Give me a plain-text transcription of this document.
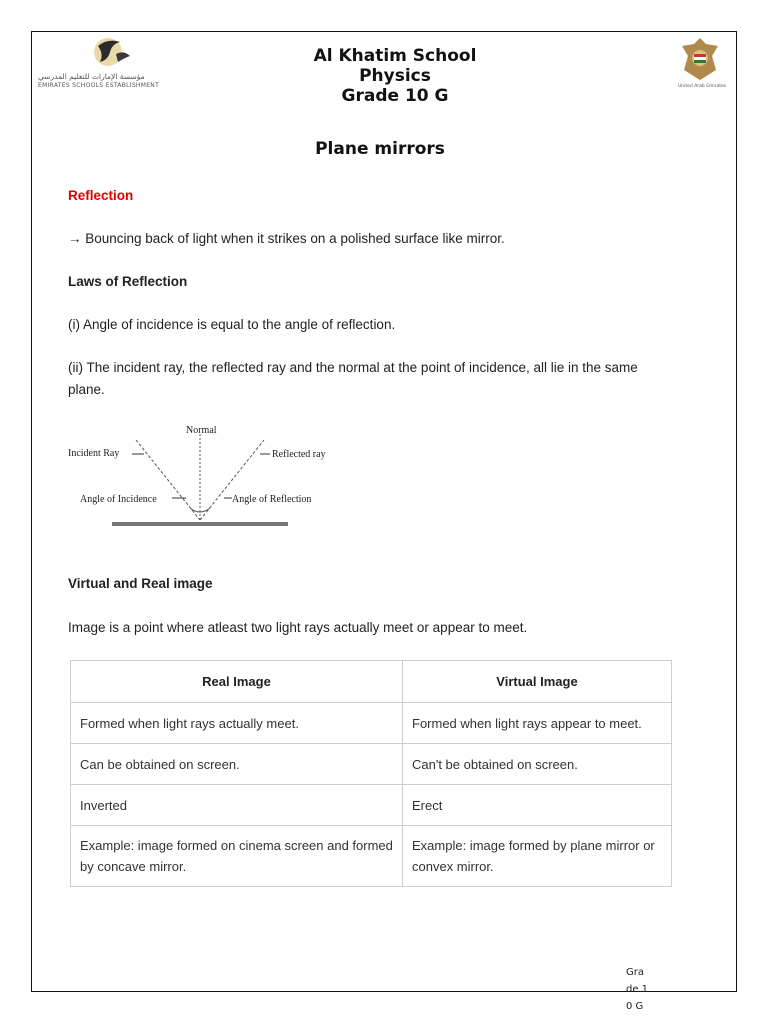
مؤسسة الإمارات للتعليم المدرسي
EMIRATES SCHOOLS ESTABLISHMENT
Al Khatim School
Physics
Grade 10 G	United Arab Emirates
Plane mirrors
Reflection
→ Bouncing back of light when it strikes on a polished surface like mirror.
Laws of Reflection
(i) Angle of incidence is equal to the angle of reflection.
(ii) The incident ray, the reflected ray and the normal at the point of incidence, all lie in the same
plane.
Normal
Incident Ray	Reflected ray
Angle of Incidence	Angle of Reflection
Virtual and Real image
Image is a point where atleast two light rays actually meet or appear to meet.
Real Image	Virtual Image
Formed when light rays actually meet.	Formed when light rays appear to meet.
Can be obtained on screen.	Can't be obtained on screen.
Inverted	Erect
Example: image formed on cinema screen and formed by concave mirror.	Example: image formed by plane mirror or convex mirror.
Grade 10 G
